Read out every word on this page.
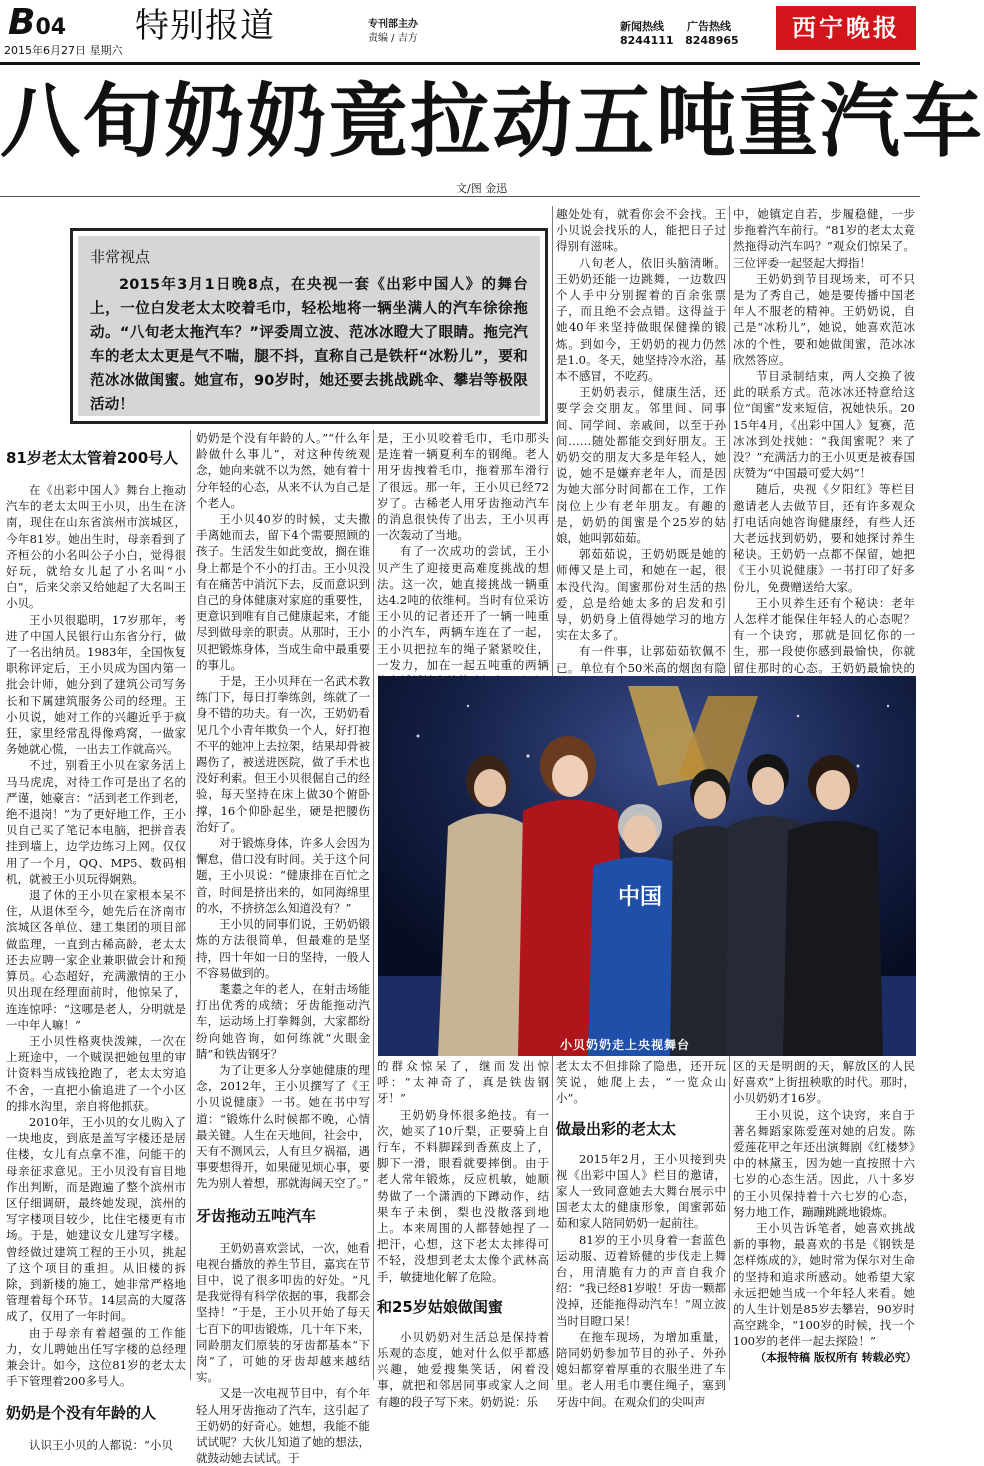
B04
2015年6月27日 星期六
特别报道	专刊部主办
责编 / 吉方
新闻热线 广告热线
8244111 8248965	西宁晚报
八旬奶奶竟拉动五吨重汽车
文/图 金迅
非常视点
2015年3月1日晚8点，在央视一套《出彩中国人》的舞台上，一位白发老太太咬着毛巾，轻松地将一辆坐满人的汽车徐徐拖动。“八旬老太拖汽车？”评委周立波、范冰冰瞪大了眼睛。拖完汽车的老太太更是气不喘，腿不抖，直称自己是铁杆“冰粉儿”，要和范冰冰做闺蜜。她宣布，90岁时，她还要去挑战跳伞、攀岩等极限活动！
81岁老太太管着200号人

在《出彩中国人》舞台上拖动汽车的老太太叫王小贝，出生在济南，现住在山东省滨州市滨城区，今年81岁。她出生时，母亲看到了齐桓公的小名叫公子小白，觉得很好玩，就给女儿起了小名叫“小白”，后来父亲又给她起了大名叫王小贝。

王小贝很聪明，17岁那年，考进了中国人民银行山东省分行，做了一名出纳员。1983年，全国恢复职称评定后，王小贝成为国内第一批会计师，她分到了建筑公司写务长和下属建筑服务公司的经理。王小贝说，她对工作的兴趣近乎于疯狂，家里经常乱得像鸡窝，一做家务她就心慌，一出去工作就高兴。

不过，别看王小贝在家务活上马马虎虎，对待工作可是出了名的严谨，她豪言：“活到老工作到老，绝不退岗！”为了更好地工作，王小贝自己买了笔记本电脑，把拼音表挂到墙上，边学边练习上网。仅仅用了一个月，QQ、MP5、数码相机，就被王小贝玩得娴熟。

退了休的王小贝在家根本呆不住，从退休至今，她先后在济南市滨城区各单位、建工集团的项目部做监理，一直到古稀高龄，老太太还去应聘一家企业兼职做会计和预算员。心态超好，充满激情的王小贝出现在经理面前时，他惊呆了，连连惊呼：“这哪是老人，分明就是一中年人嘛！”

王小贝性格爽快泼辣，一次在上班途中，一个贼误把她包里的审计资料当成钱抢跑了，老太太穷追不舍，一直把小偷追进了一个小区的排水沟里，亲自将他抓获。

2010年，王小贝的女儿购入了一块地皮，到底是盖写字楼还是居住楼，女儿有点拿不准，问能干的母亲征求意见。王小贝没有盲目地作出判断，而是跑遍了整个滨州市区仔细调研，最终她发现，滨州的写字楼项目较少，比住宅楼更有市场。于是，她建议女儿建写字楼。曾经做过建筑工程的王小贝，挑起了这个项目的重担。从旧楼的拆除，到新楼的施工，她非常严格地管理着每个环节。14层高的大厦落成了，仅用了一年时间。

由于母亲有着超强的工作能力，女儿聘她出任写字楼的总经理兼会计。如今，这位81岁的老太太手下管理着200多号人。

奶奶是个没有年龄的人

认识王小贝的人都说：“小贝

奶奶是个没有年龄的人。”“什么年龄做什么事儿”，对这种传统观念，她向来就不以为然，她有着十分年轻的心态，从来不认为自己是个老人。

王小贝40岁的时候，丈夫撒手离她而去，留下4个需要照顾的孩子。生活发生如此变故，搁在谁身上都是个不小的打击。王小贝没有在痛苦中消沉下去，反而意识到自己的身体健康对家庭的重要性，更意识到唯有自己健康起来，才能尽到做母亲的职责。从那时，王小贝把锻炼身体，当成生命中最重要的事儿。

于是，王小贝拜在一名武术教练门下，每日打拳练剑，练就了一身不错的功夫。有一次，王奶奶看见几个小青年欺负一个人，好打抱不平的她冲上去拉架，结果却骨被踢伤了，被送进医院，做了手术也没好利索。但王小贝很倔自己的经验，每天坚持在床上做30个俯卧撑，16个仰卧起坐，硬是把腰伤治好了。

对于锻炼身体，许多人会因为懈怠，借口没有时间。关于这个问题，王小贝说：“健康排在百忙之首，时间是挤出来的，如同海绵里的水，不挤挤怎么知道没有？”

王小贝的同事们说，王奶奶锻炼的方法很简单，但最难的是坚持，四十年如一日的坚持，一般人不容易做到的。

耄耋之年的老人，在射击场能打出优秀的成绩；牙齿能拖动汽车，运动场上打拳舞剑，大家都纷纷向她咨询，如何练就“火眼金睛”和铁齿钢牙？

为了让更多人分享她健康的理念，2012年，王小贝撰写了《王小贝说健康》一书。她在书中写道：“锻炼什么时候都不晚，心情最关键。人生在天地间，社会中，天有不测风云，人有旦夕祸福，遇事要想得开，如果碰见烦心事，要先为别人着想，那就海阔天空了。”

牙齿拖动五吨汽车

王奶奶喜欢尝试，一次，她看电视台播放的养生节目，嘉宾在节目中，说了很多叩齿的好处。“凡是我觉得有科学依据的事，我都会坚持！”于是，王小贝开始了每天七百下的叩齿锻炼，几十年下来，同龄朋友们原装的牙齿都基本“下岗”了，可她的牙齿却越来越结实。

又是一次电视节目中，有个年轻人用牙齿拖动了汽车，这引起了王奶奶的好奇心。她想，我能不能试试呢？大伙儿知道了她的想法，就鼓动她去试试。于

是，王小贝咬着毛巾，毛巾那头是连着一辆夏利车的钢绳。老人用牙齿拽着毛巾，拖着那车滑行了很远。那一年，王小贝已经72岁了。古稀老人用牙齿拖动汽车的消息很快传了出去，王小贝再一次轰动了当地。

有了一次成功的尝试，王小贝产生了迎接更高难度挑战的想法。这一次，她直接挑战一辆重达4.2吨的依维柯。当时有位采访王小贝的记者还开了一辆一吨重的小汽车，两辆车连在了一起，王小贝把拉车的绳子紧紧咬住，一发力，加在一起五吨重的两辆

的群众惊呆了，继而发出惊呼：“太神奇了，真是铁齿钢牙！”

王奶奶身怀很多绝技。有一次，她买了10斤梨，正要骑上自行车，不料脚踩到香蕉皮上了，脚下一滑，眼看就要摔倒。由于老人常年锻炼，反应机敏，她顺势做了一个潇洒的下蹲动作，结果车子未倒，梨也没散落到地上。本来周围的人都替她捏了一把汗，心想，这下老太太摔得可不轻，没想到老太太像个武林高手，敏捷地化解了危险。

和25岁姑娘做闺蜜

小贝奶奶对生活总是保持着乐观的态度，她对什么似乎都感兴趣，她爱搜集笑话，闲着没事，就把和邻居同事或家人之间有趣的段子写下来。奶奶说：乐

趣处处有，就看你会不会找。王小贝说会找乐的人，能把日子过得别有滋味。

八旬老人，依旧头脑清晰。王奶奶还能一边跳舞，一边数四个人手中分别握着的百余张票子，而且绝不会点错。这得益于她40年来坚持做眼保健操的锻炼。到如今，王奶奶的视力仍然是1.0。冬天，她坚持冷水浴，基本不感冒，不吃药。

王奶奶表示，健康生活，还要学会交朋友。邻里间、同事间、同学间、亲戚间，以至于孙间……随处都能交到好朋友。王奶奶交的朋友大多是年轻人，她说，她不是嫌弃老年人，而是因为她大部分时间都在工作，工作岗位上少有老年朋友。有趣的是，奶奶的闺蜜是个25岁的姑娘，她叫郭茹茹。

郭茹茹说，王奶奶既是她的师傅又是上司，和她在一起，很本没代沟。闺蜜那份对生活的热爱，总是给她太多的启发和引导，奶奶身上值得她学习的地方实在太多了。

有一件事，让郭茹茹钦佩不已。单位有个50米高的烟囱有隐

老太太不但排除了隐患，还开玩笑说，她爬上去，“一览众山小”。

做最出彩的老太太

2015年2月，王小贝接到央视《出彩中国人》栏目的邀请，家人一致同意她去大舞台展示中国老太太的健康形象，闺蜜郭茹茹和家人陪同奶奶一起前往。

81岁的王小贝身着一套蓝色运动服、迈着矫健的步伐走上舞台，用清脆有力的声音自我介绍：“我已经81岁啦！牙齿一颗都没掉，还能拖得动汽车！”周立波当时目瞪口呆！

在拖车现场，为增加重量，陪同奶奶参加节目的孙子、外孙媳妇都穿着厚重的衣服坐进了车里。老人用毛巾裹住绳子，塞到牙齿中间。在观众们的尖叫声

中，她镇定自若，步履稳健，一步步拖着汽车前行。“81岁的老太太竟然拖得动汽车吗？”观众们惊呆了。三位评委一起竖起大拇指！

王奶奶到节目现场来，可不只是为了秀自己，她是要传播中国老年人不服老的精神。王奶奶说，自己是“冰粉儿”，她说，她喜欢范冰冰的个性，要和她做闺蜜，范冰冰欣然答应。

节目录制结束，两人交换了彼此的联系方式。范冰冰还特意给这位“闺蜜”发来短信，祝她快乐。2015年4月，《出彩中国人》复赛，范冰冰到处找她：“我闺蜜呢？来了没？”充满活力的王小贝更是被春国庆赞为“中国最可爱大妈”！

随后，央视《夕阳红》等栏目邀请老人去做节目，还有许多观众打电话向她咨询健康经，有些人还大老远找到奶奶，要和她探讨养生秘诀。王奶奶一点都不保留，她把《王小贝说健康》一书打印了好多份儿，免费赠送给大家。

王小贝养生还有个秘诀：老年人怎样才能保住年轻人的心态呢？有一个诀窍，那就是回忆你的一生，那一段使你感到最愉快，你就留住那时的心态。王奶奶最愉快的

区的天是明朗的天，解放区的人民好喜欢”上街扭秧歌的时代。那时，小贝奶奶才16岁。

王小贝说，这个诀窍，来自于著名舞蹈家陈爱莲对她的启发。陈爱莲花甲之年还出演舞剧《红楼梦》中的林黛玉，因为她一直按照十六七岁的心态生活。因此，八十多岁的王小贝保持着十六七岁的心态，努力地工作，蹦蹦跳跳地锻炼。

王小贝告诉笔者，她喜欢挑战新的事物，最喜欢的书是《钢铁是怎样炼成的》，她时常为保尔对生命的坚持和追求所感动。她希望大家永远把她当成一个年轻人来看。她的人生计划是85岁去攀岩，90岁时高空跳伞，“100岁的时候，找一个100岁的老伴一起去探险！”

（本报特稿 版权所有 转载必究）

中国
小贝奶奶走上央视舞台
